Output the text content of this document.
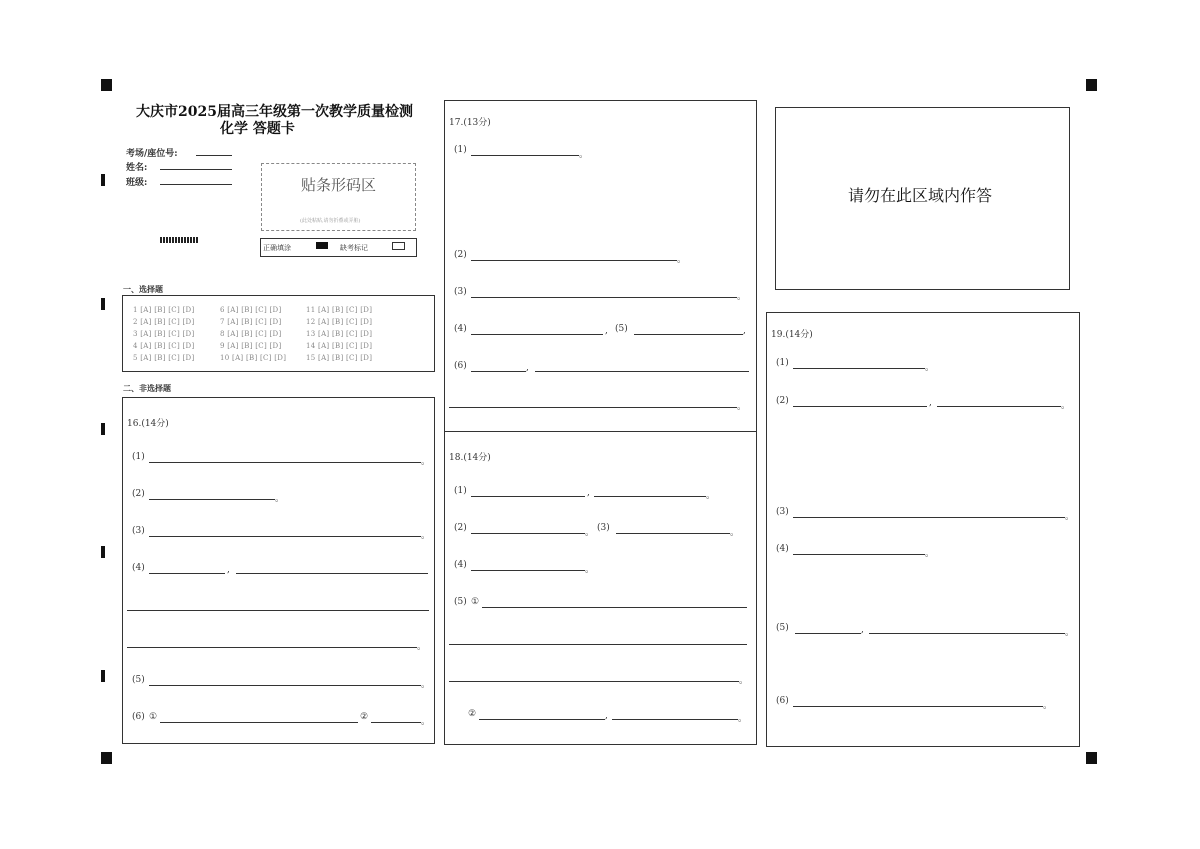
大庆市2025届高三年级第一次教学质量检测
化学 答题卡
考场/座位号:
姓名:
班级:	贴条形码区
(此处粘贴,请勿折叠或弄脏)
正确填涂	缺考标记
一、选择题
1 [A] [B] [C] [D]	6 [A] [B] [C] [D]	11 [A] [B] [C] [D]
2 [A] [B] [C] [D]	7 [A] [B] [C] [D]	12 [A] [B] [C] [D]
3 [A] [B] [C] [D]	8 [A] [B] [C] [D]	13 [A] [B] [C] [D]
4 [A] [B] [C] [D]	9 [A] [B] [C] [D]	14 [A] [B] [C] [D]
5 [A] [B] [C] [D]	10 [A] [B] [C] [D]	15 [A] [B] [C] [D]
二、非选择题
16.(14分)
(1)	。
(2)	。
(3)	。
(4)	,
。
(5)	。
(6) ①	②	。
17.(13分)
(1)	。
(2)	。
(3)	。
(4)	, (5)	,
(6)	,
。
18.(14分)
(1)	,	。
(2)	。 (3)	。
(4)	。
(5) ①
。
②	,	。
请勿在此区域内作答
19.(14分)
(1)	。
(2)	,	。
(3)	。
(4)	。
(5)	,	。
(6)	。
